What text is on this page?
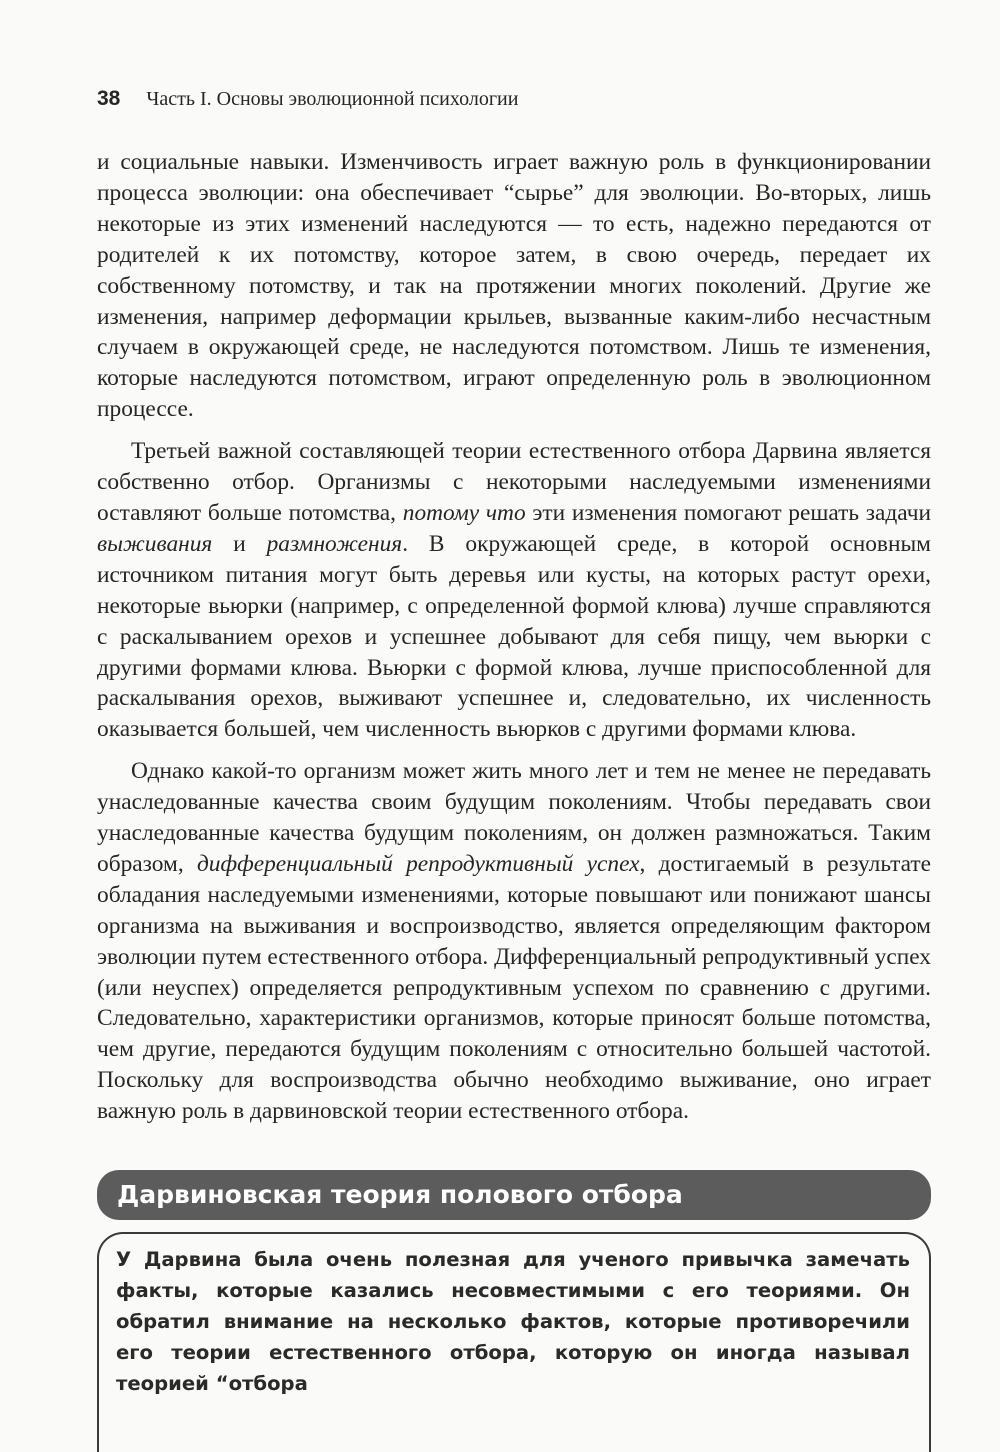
38 Часть I. Основы эволюционной психологии

и социальные навыки. Изменчивость играет важную роль в функционировании процесса эволюции: она обеспечивает “сырье” для эволюции. Во-вторых, лишь некоторые из этих изменений наследуются — то есть, надежно передаются от родителей к их потомству, которое затем, в свою очередь, передает их собственному потомству, и так на протяжении многих поколений. Другие же изменения, например деформации крыльев, вызванные каким-либо несчастным случаем в окружающей среде, не наследуются потомством. Лишь те изменения, которые наследуются потомством, играют определенную роль в эволюционном процессе.

Третьей важной составляющей теории естественного отбора Дарвина является собственно отбор. Организмы с некоторыми наследуемыми изменениями оставляют больше потомства, потому что эти изменения помогают решать задачи выживания и размножения. В окружающей среде, в которой основным источником питания могут быть деревья или кусты, на которых растут орехи, некоторые вьюрки (например, с определенной формой клюва) лучше справляются с раскалыванием орехов и успешнее добывают для себя пищу, чем вьюрки с другими формами клюва. Вьюрки с формой клюва, лучше приспособленной для раскалывания орехов, выживают успешнее и, следовательно, их численность оказывается большей, чем численность вьюрков с другими формами клюва.

Однако какой-то организм может жить много лет и тем не менее не передавать унаследованные качества своим будущим поколениям. Чтобы передавать свои унаследованные качества будущим поколениям, он должен размножаться. Таким образом, дифференциальный репродуктивный успех, достигаемый в результате обладания наследуемыми изменениями, которые повышают или понижают шансы организма на выживания и воспроизводство, является определяющим фактором эволюции путем естественного отбора. Дифференциальный репродуктивный успех (или неуспех) определяется репродуктивным успехом по сравнению с другими. Следовательно, характеристики организмов, которые приносят больше потомства, чем другие, передаются будущим поколениям с относительно большей частотой. Поскольку для воспроизводства обычно необходимо выживание, оно играет важную роль в дарвиновской теории естественного отбора.

Дарвиновская теория полового отбора
У Дарвина была очень полезная для ученого привычка замечать факты, которые казались несовместимыми с его теориями. Он обратил внимание на несколько фактов, которые противоречили его теории естественного отбора, которую он иногда называл теорией “отбора
